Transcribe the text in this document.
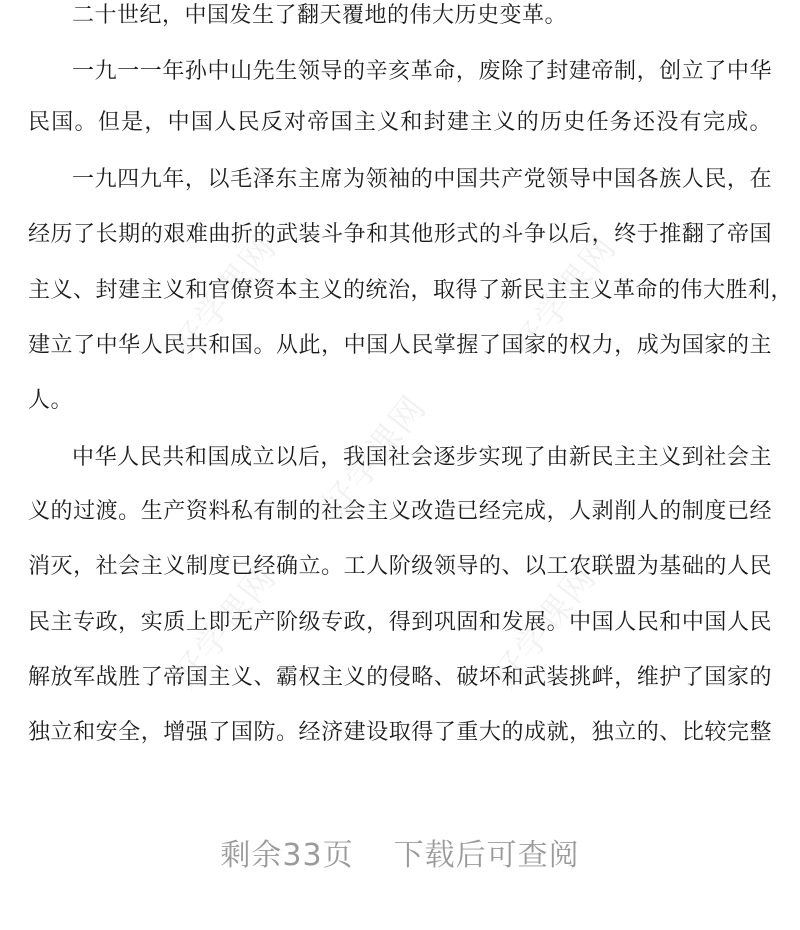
二十世纪，中国发生了翻天覆地的伟大历史变革。
一九一一年孙中山先生领导的辛亥革命，废除了封建帝制，创立了中华
民国。但是，中国人民反对帝国主义和封建主义的历史任务还没有完成。
一九四九年，以毛泽东主席为领袖的中国共产党领导中国各族人民，在
经历了长期的艰难曲折的武装斗争和其他形式的斗争以后，终于推翻了帝国
主义、封建主义和官僚资本主义的统治，取得了新民主主义革命的伟大胜利，
建立了中华人民共和国。从此，中国人民掌握了国家的权力，成为国家的主
人。
中华人民共和国成立以后，我国社会逐步实现了由新民主主义到社会主
义的过渡。生产资料私有制的社会主义改造已经完成，人剥削人的制度已经
消灭，社会主义制度已经确立。工人阶级领导的、以工农联盟为基础的人民
民主专政，实质上即无产阶级专政，得到巩固和发展。中国人民和中国人民
解放军战胜了帝国主义、霸权主义的侵略、破坏和武装挑衅，维护了国家的
独立和安全，增强了国防。经济建设取得了重大的成就，独立的、比较完整
好学课网	好学课网
好学课网
好学课网	好学课网
剩余33页 下载后可查阅
